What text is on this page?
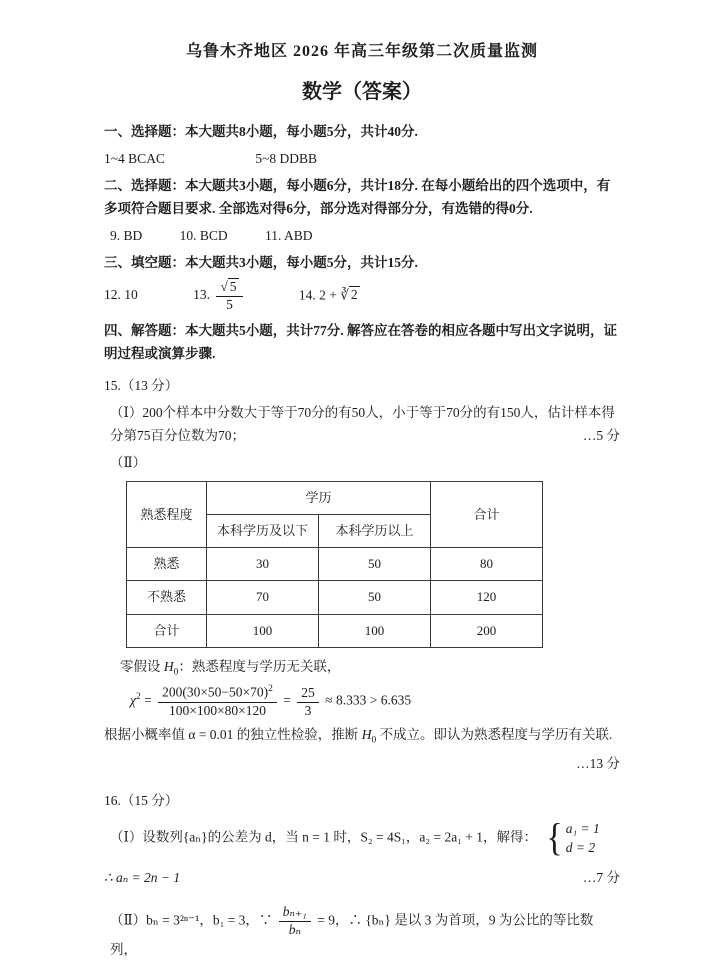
乌鲁木齐地区 2026 年高三年级第二次质量监测
数学（答案）

一、选择题：本大题共8小题，每小题5分，共计40分.

1~4 BCAC	5~8 DDBB

二、选择题：本大题共3小题，每小题6分，共计18分. 在每小题给出的四个选项中，有多项符合题目要求. 全部选对得6分，部分选对得部分分，有选错的得0分.

9. BD	10. BCD	11. ABD

三、填空题：本大题共3小题，每小题5分，共计15分.

12. 10	13. $\frac{√ 5}{5}$	14. 2 + ∛ 2

四、解答题：本大题共5小题，共计77分. 解答应在答卷的相应各题中写出文字说明，证明过程或演算步骤.

15.（13 分）

（Ⅰ）200个样本中分数大于等于70分的有50人，小于等于70分的有150人，估计样本得分第75百分位数为70；	…5 分

（Ⅱ）

熟悉程度	学历		合计
	本科学历及以下	本科学历以上	
熟悉	30	50	80
不熟悉	70	50	120
合计	100	100	200

零假设 $H_0$：熟悉程度与学历无关联，

$\chi^2 = \frac{200(30\times 50-50\times 70)^2}{100\times 100\times 80\times 120} = \frac{25}{3} \approx 8.333 > 6.635$

根据小概率值 α = 0.01 的独立性检验，推断 $H_0$ 不成立。即认为熟悉程度与学历有关联.

…13 分

16.（15 分）

（Ⅰ）设数列{aₙ}的公差为 d，当 n = 1 时，S₂ = 4S₁，a₂ = 2a₁ + 1，解得： { a₁ = 1
d = 2

∴ aₙ = 2n − 1	…7 分

（Ⅱ）bₙ = 3²ⁿ⁻¹，b₁ = 3，∵ $\frac{\text{bₙ₊₁}}{\text{bₙ}} = 9$，∴ {bₙ} 是以 3 为首项，9 为公比的等比数列，
